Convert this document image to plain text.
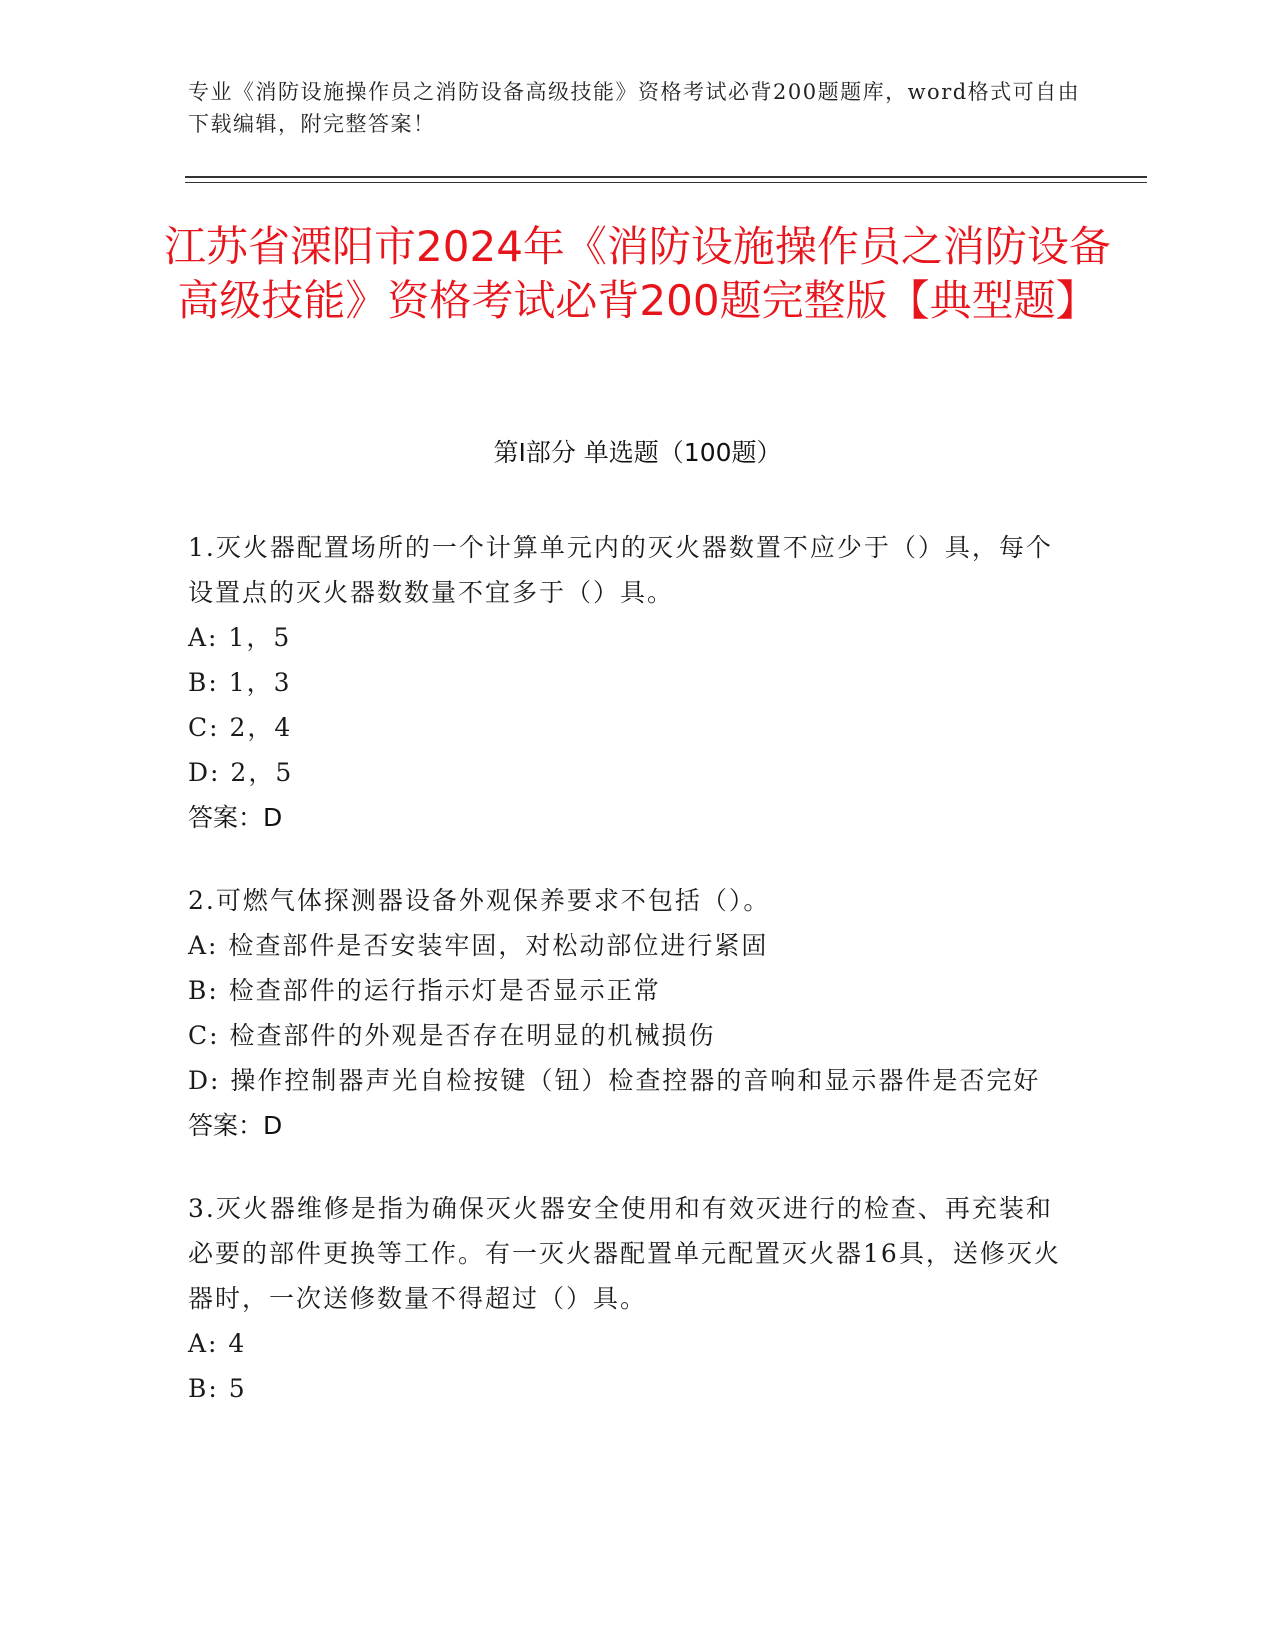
专业《消防设施操作员之消防设备高级技能》资格考试必背200题题库，word格式可自由下载编辑，附完整答案！
江苏省溧阳市2024年《消防设施操作员之消防设备高级技能》资格考试必背200题完整版【典型题】
第I部分 单选题（100题）

1.灭火器配置场所的一个计算单元内的灭火器数置不应少于（）具，每个设置点的灭火器数数量不宜多于（）具。

A: 1，5

B: 1，3

C: 2，4

D: 2，5

答案：D

2.可燃气体探测器设备外观保养要求不包括（）。

A: 检查部件是否安装牢固，对松动部位进行紧固

B: 检查部件的运行指示灯是否显示正常

C: 检查部件的外观是否存在明显的机械损伤

D: 操作控制器声光自检按键（钮）检查控器的音响和显示器件是否完好

答案：D

3.灭火器维修是指为确保灭火器安全使用和有效灭进行的检查、再充装和必要的部件更换等工作。有一灭火器配置单元配置灭火器16具，送修灭火器时，一次送修数量不得超过（）具。

A: 4

B: 5
